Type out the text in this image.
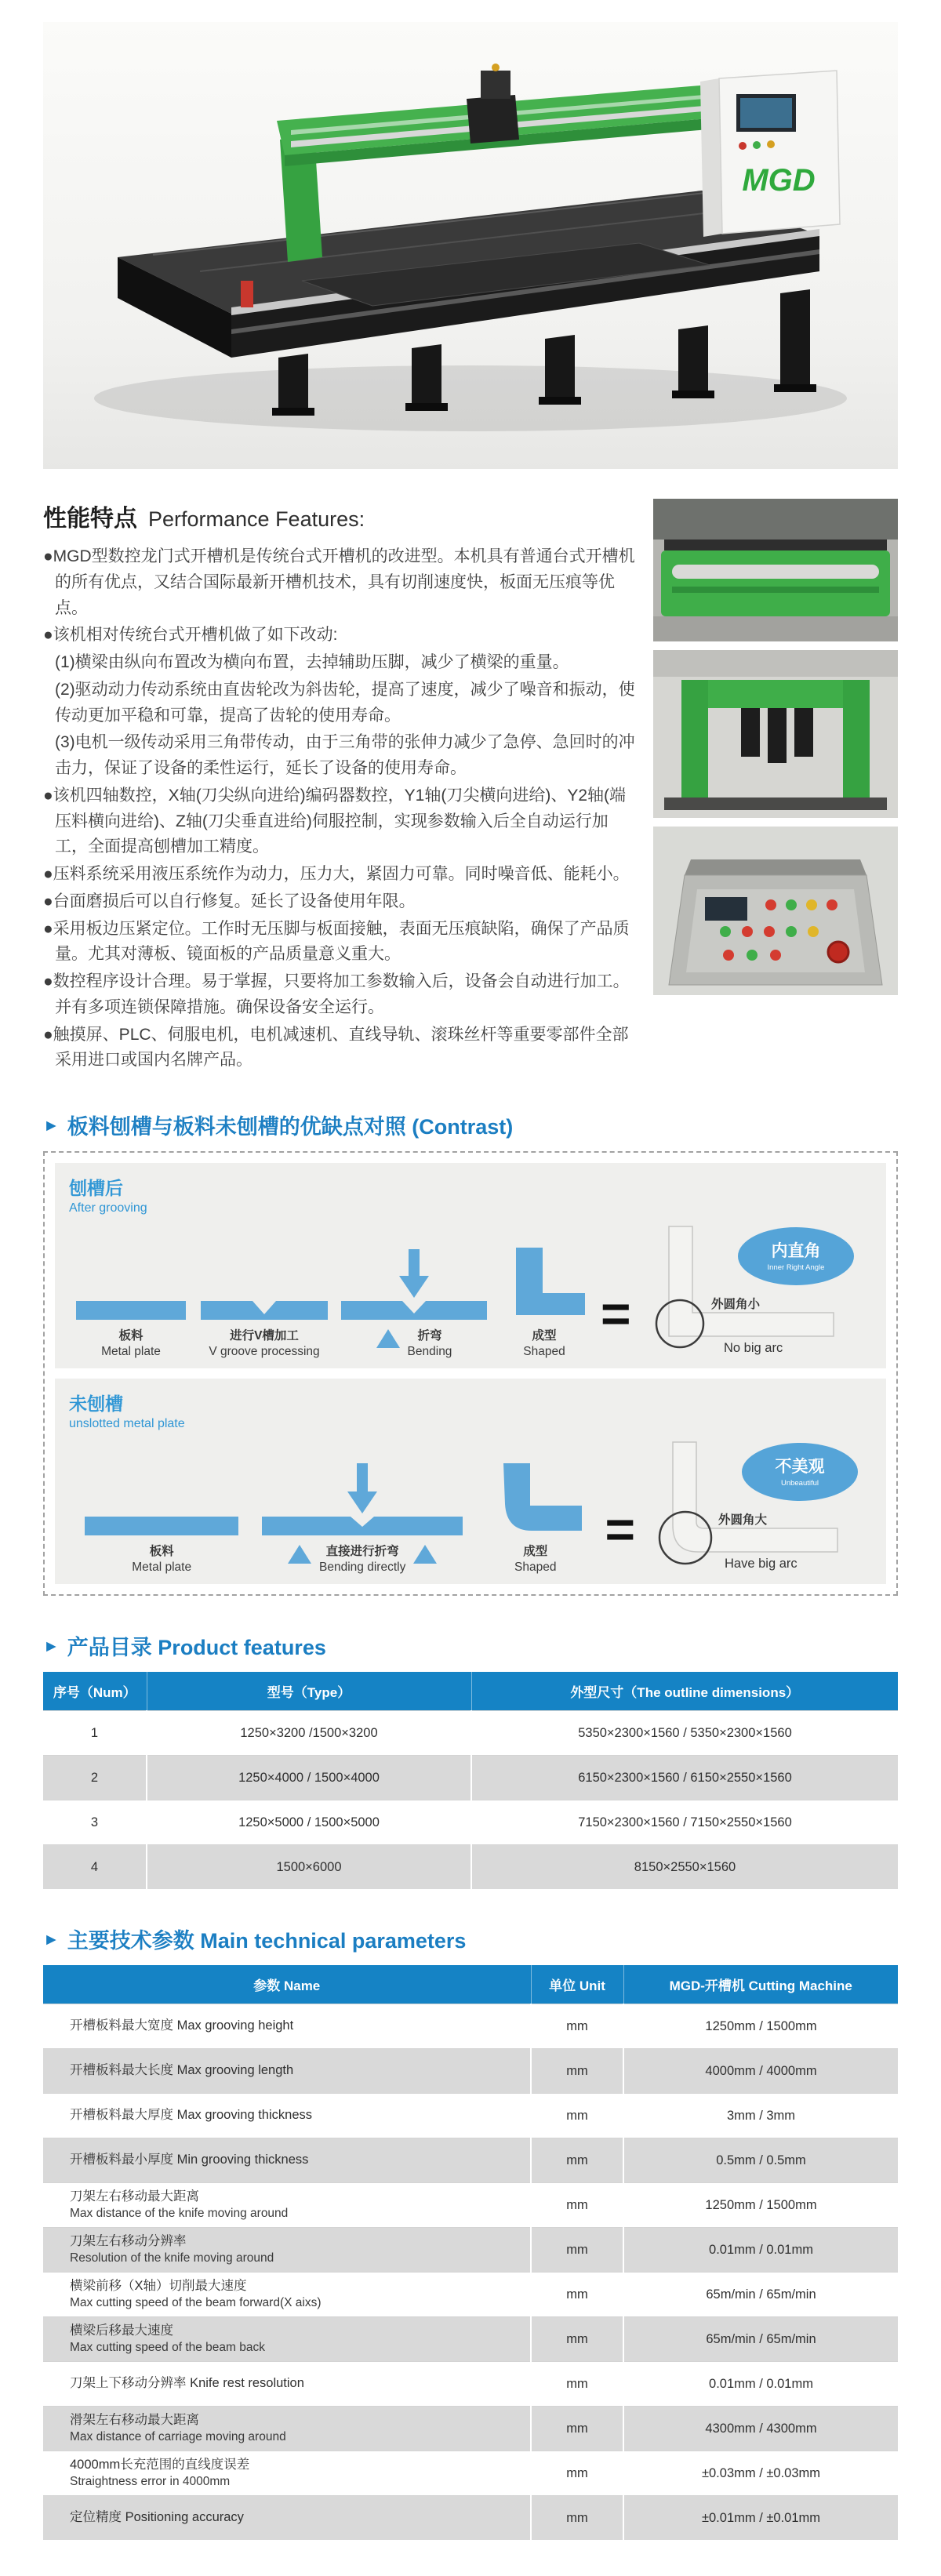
MGD
性能特点 Performance Features:
●MGD型数控龙门式开槽机是传统台式开槽机的改进型。本机具有普通台式开槽机的所有优点，又结合国际最新开槽机技术，具有切削速度快，板面无压痕等优点。
●该机相对传统台式开槽机做了如下改动:
(1)横梁由纵向布置改为横向布置，去掉辅助压脚，减少了横梁的重量。
(2)驱动动力传动系统由直齿轮改为斜齿轮，提高了速度，减少了噪音和振动，使传动更加平稳和可靠，提高了齿轮的使用寿命。
(3)电机一级传动采用三角带传动，由于三角带的张伸力减少了急停、急回时的冲击力，保证了设备的柔性运行，延长了设备的使用寿命。
●该机四轴数控，X轴(刀尖纵向进给)编码器数控，Y1轴(刀尖横向进给)、Y2轴(端压料横向进给)、Z轴(刀尖垂直进给)伺服控制，实现参数输入后全自动运行加工，全面提高刨槽加工精度。
●压料系统采用液压系统作为动力，压力大，紧固力可靠。同时噪音低、能耗小。
●台面磨损后可以自行修复。延长了设备使用年限。
●采用板边压紧定位。工作时无压脚与板面接触，表面无压痕缺陷，确保了产品质量。尤其对薄板、镜面板的产品质量意义重大。
●数控程序设计合理。易于掌握，只要将加工参数输入后，设备会自动进行加工。并有多项连锁保障措施。确保设备安全运行。
●触摸屏、PLC、伺服电机，电机减速机、直线导轨、滚珠丝杆等重要零部件全部采用进口或国内名牌产品。
► 板料刨槽与板料未刨槽的优缺点对照 (Contrast)
刨槽后
After grooving
板料
Metal plate
进行V槽加工
V groove processing
折弯
Bending
成型
Shaped
=
内直角
Inner Right Angle
外圆角小
No big arc
未刨槽
unslotted metal plate
板料
Metal plate
直接进行折弯
Bending directly
成型
Shaped
=
不美观
Unbeautiful
外圆角大
Have big arc
► 产品目录 Product features
序号（Num）	型号（Type）	外型尺寸（The outline dimensions）
1	1250×3200 /1500×3200	5350×2300×1560 / 5350×2300×1560
2	1250×4000 / 1500×4000	6150×2300×1560 / 6150×2550×1560
3	1250×5000 / 1500×5000	7150×2300×1560 / 7150×2550×1560
4	1500×6000	8150×2550×1560
► 主要技术参数 Main technical parameters
参数 Name	单位 Unit	MGD-开槽机 Cutting Machine
开槽板料最大宽度 Max grooving height	mm	1250mm / 1500mm
开槽板料最大长度 Max grooving length	mm	4000mm / 4000mm
开槽板料最大厚度 Max grooving thickness	mm	3mm / 3mm
开槽板料最小厚度 Min grooving thickness	mm	0.5mm / 0.5mm
刀架左右移动最大距离
Max distance of the knife moving around	mm	1250mm / 1500mm
刀架左右移动分辨率
Resolution of the knife moving around	mm	0.01mm / 0.01mm
横梁前移（X轴）切削最大速度
Max cutting speed of the beam forward(X aixs)	mm	65m/min / 65m/min
横梁后移最大速度
Max cutting speed of the beam back	mm	65m/min / 65m/min
刀架上下移动分辨率 Knife rest resolution	mm	0.01mm / 0.01mm
滑架左右移动最大距离
Max distance of carriage moving around	mm	4300mm / 4300mm
4000mm长充范围的直线度误差
Straightness error in 4000mm	mm	±0.03mm / ±0.03mm
定位精度 Positioning accuracy	mm	±0.01mm / ±0.01mm
